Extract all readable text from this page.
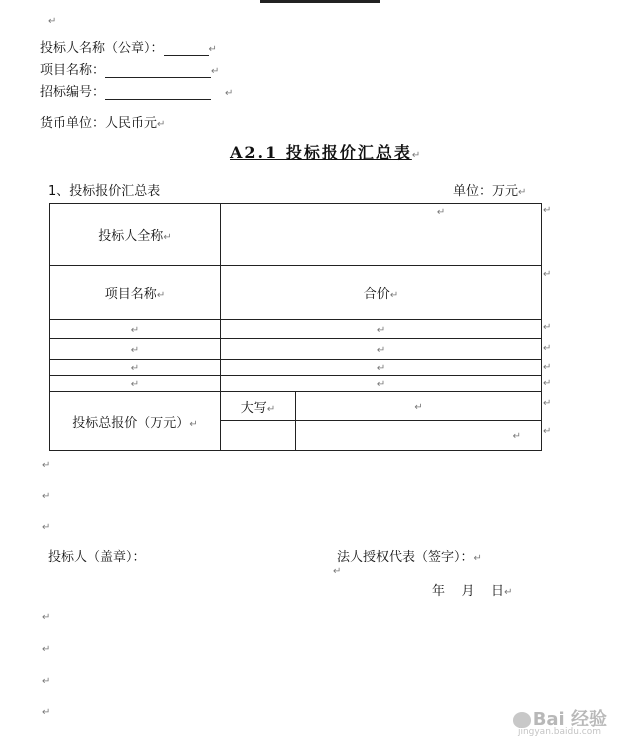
↵
投标人名称（公章）：	↵
项目名称：	↵
招标编号：	↵
货币单位：人民币元↵
A2.1 投标报价汇总表↵
1、投标报价汇总表	单位：万元↵
投标人全称↵	↵	
项目名称↵	合价↵	
↵	↵	
↵	↵	
↵	↵	
↵	↵	
投标总报价（万元）↵	大写↵	↵
		↵
↵
↵
↵
↵
↵
↵
↵
↵
↵
↵
↵
投标人（盖章）：	法人授权代表（签字）：↵
↵
年    月    日↵
↵
↵
↵
↵	Bai 经验
jingyan.baidu.com
